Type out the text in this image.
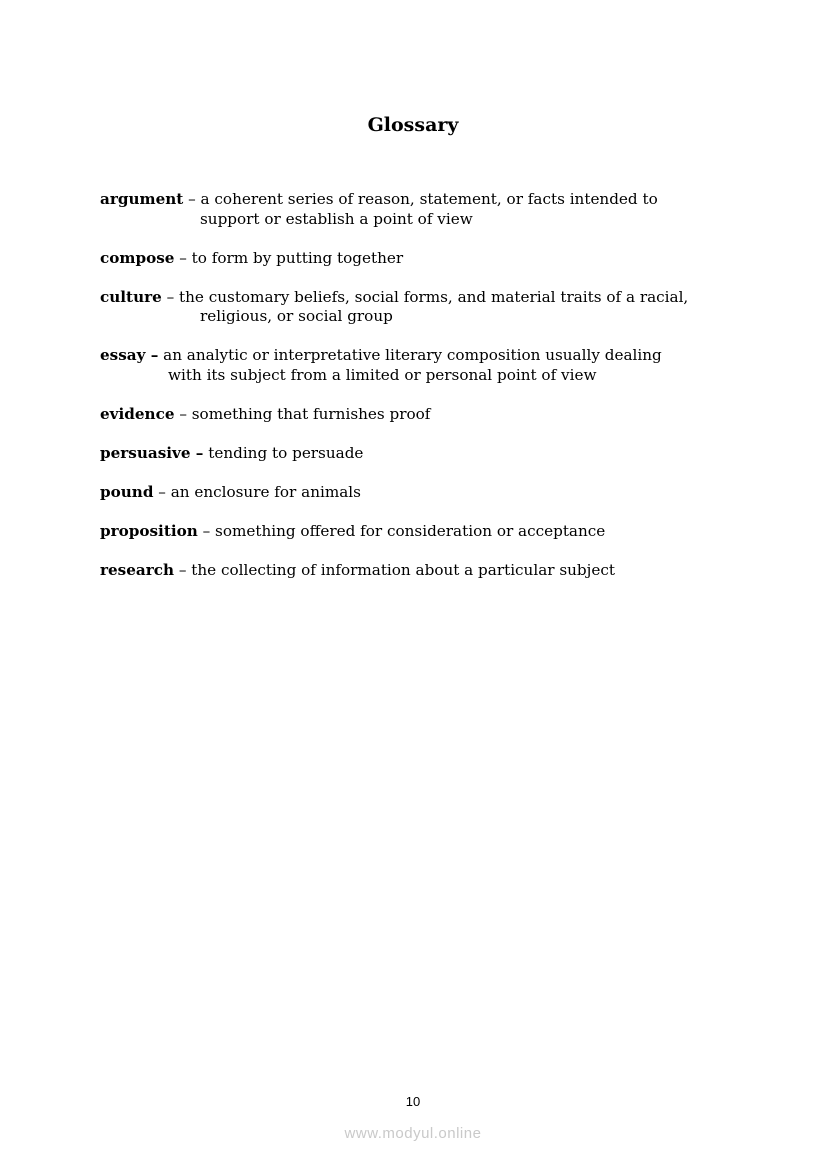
Glossary
argument – a coherent series of reason, statement, or facts intended to
support or establish a point of view
compose – to form by putting together
culture – the customary beliefs, social forms, and material traits of a racial,
religious, or social group
essay – an analytic or interpretative literary composition usually dealing
with its subject from a limited or personal point of view
evidence – something that furnishes proof
persuasive – tending to persuade
pound – an enclosure for animals
proposition – something offered for consideration or acceptance
research – the collecting of information about a particular subject
10
www.modyul.online
